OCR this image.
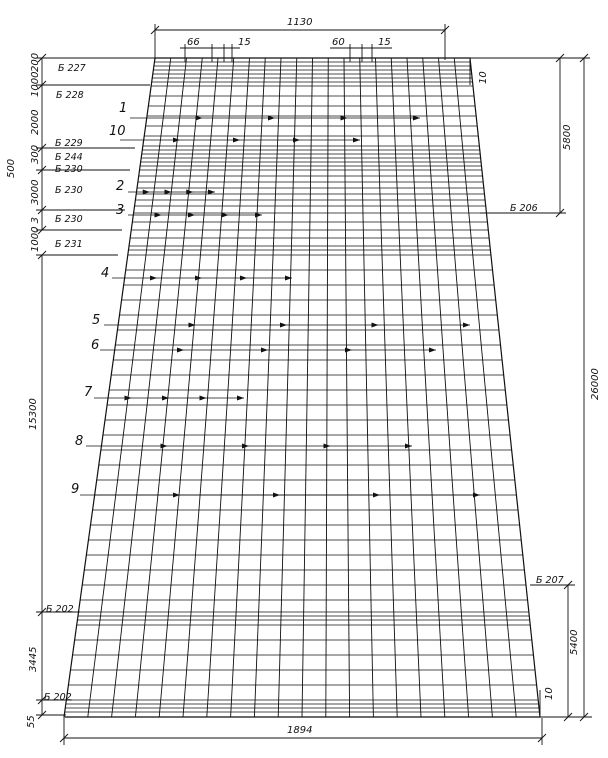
1130
66	15	60	15
10
5800
26000
5400
10
200
1000
2000
300
500
3000
1000 3
15300
3445
55
1894
Б 227
Б 228
Б 229
Б 244
Б 230
Б 230
Б 230
Б 231
Б 206
Б 207
Б 202
Б 202
1
10
2
3
4
5
6
7
8
9
